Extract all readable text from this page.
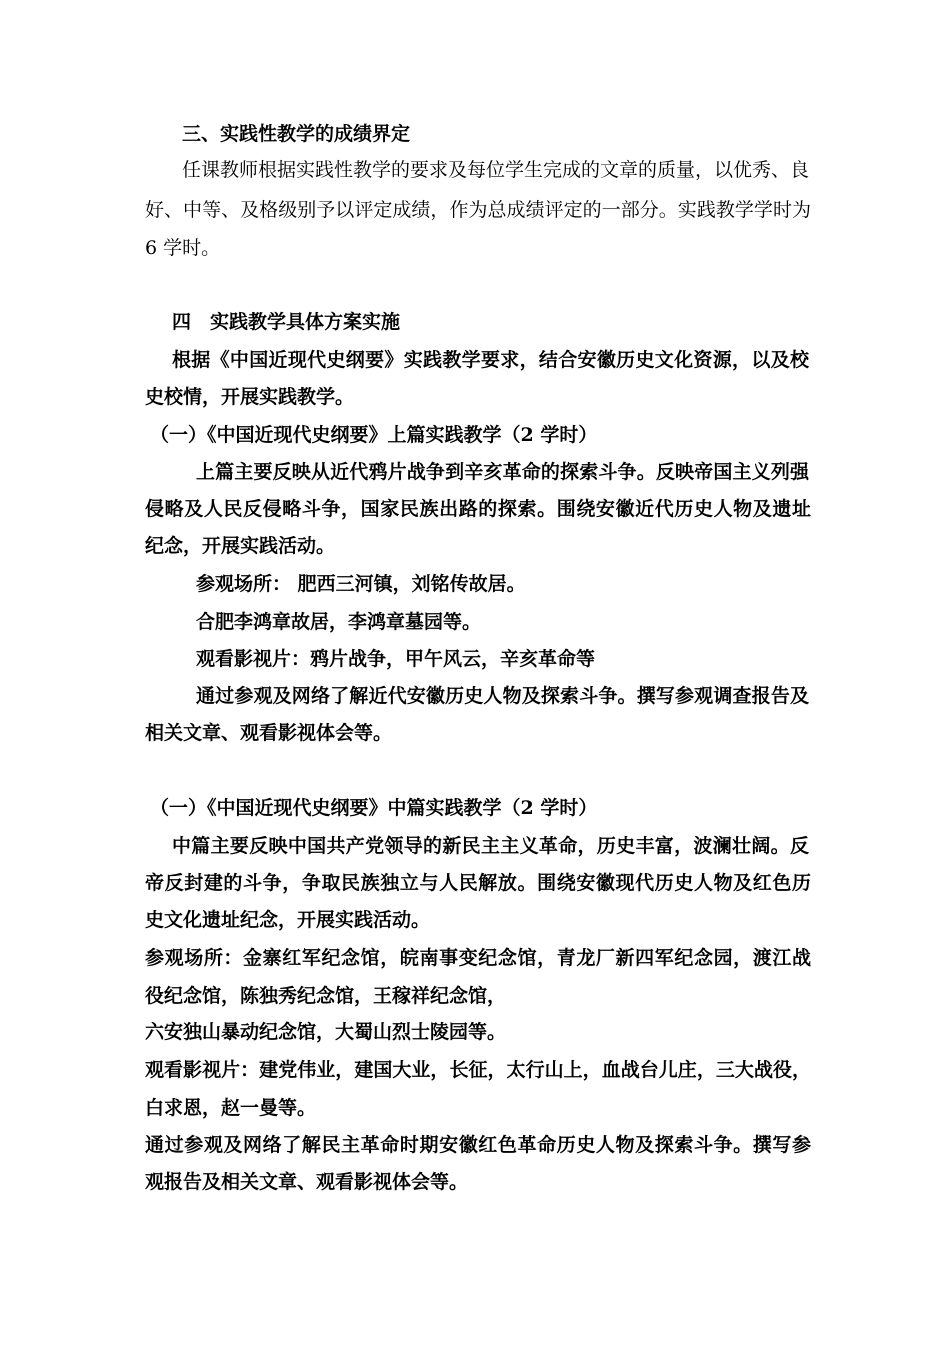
三、实践性教学的成绩界定
任课教师根据实践性教学的要求及每位学生完成的文章的质量，以优秀、良
好、中等、及格级别予以评定成绩，作为总成绩评定的一部分。实践教学学时为
6 学时。
四　实践教学具体方案实施
根据《中国近现代史纲要》实践教学要求，结合安徽历史文化资源，以及校
史校情，开展实践教学。
（一）《中国近现代史纲要》上篇实践教学（2 学时）
上篇主要反映从近代鸦片战争到辛亥革命的探索斗争。反映帝国主义列强
侵略及人民反侵略斗争，国家民族出路的探索。围绕安徽近代历史人物及遗址
纪念，开展实践活动。
参观场所： 肥西三河镇，刘铭传故居。
合肥李鸿章故居，李鸿章墓园等。
观看影视片：鸦片战争，甲午风云，辛亥革命等
通过参观及网络了解近代安徽历史人物及探索斗争。撰写参观调查报告及
相关文章、观看影视体会等。
（一）《中国近现代史纲要》中篇实践教学（2 学时）
中篇主要反映中国共产党领导的新民主主义革命，历史丰富，波澜壮阔。反
帝反封建的斗争，争取民族独立与人民解放。围绕安徽现代历史人物及红色历
史文化遗址纪念，开展实践活动。
参观场所：金寨红军纪念馆，皖南事变纪念馆，青龙厂新四军纪念园，渡江战
役纪念馆，陈独秀纪念馆，王稼祥纪念馆，
六安独山暴动纪念馆，大蜀山烈士陵园等。
观看影视片：建党伟业，建国大业，长征，太行山上，血战台儿庄，三大战役，
白求恩，赵一曼等。
通过参观及网络了解民主革命时期安徽红色革命历史人物及探索斗争。撰写参
观报告及相关文章、观看影视体会等。
